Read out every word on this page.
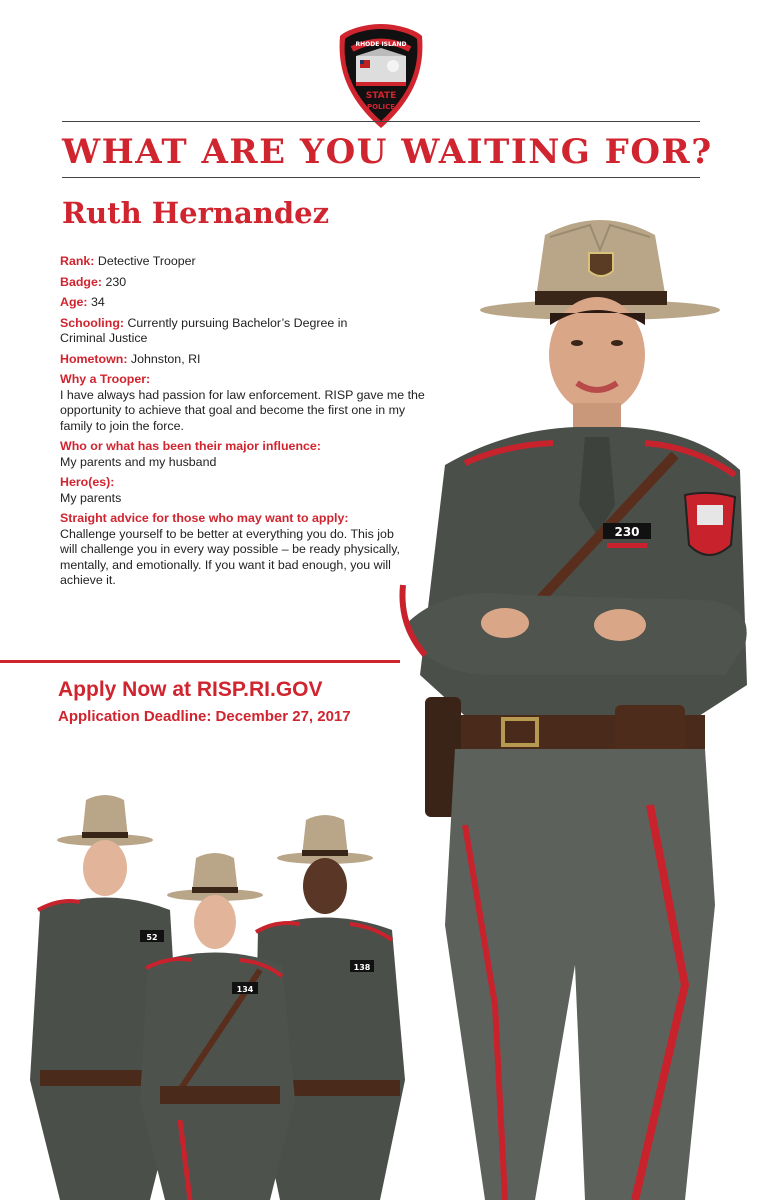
RHODE ISLAND
STATE
POLICE
WHAT ARE YOU WAITING FOR?
Ruth Hernandez
Rank: Detective Trooper
Badge: 230
Age: 34
Schooling: Currently pursuing Bachelor’s Degree in Criminal Justice
Hometown: Johnston, RI
Why a Trooper:
I have always had passion for law enforcement. RISP gave me the opportunity to achieve that goal and become the first one in my family to join the force.
Who or what has been their major influence:
My parents and my husband
Hero(es):
My parents
Straight advice for those who may want to apply:
Challenge yourself to be better at everything you do. This job will challenge you in every way possible – be ready physically, mentally, and emotionally. If you want it bad enough, you will achieve it.
Apply Now at RISP.RI.GOV
Application Deadline: December 27, 2017
230
52
138
134
